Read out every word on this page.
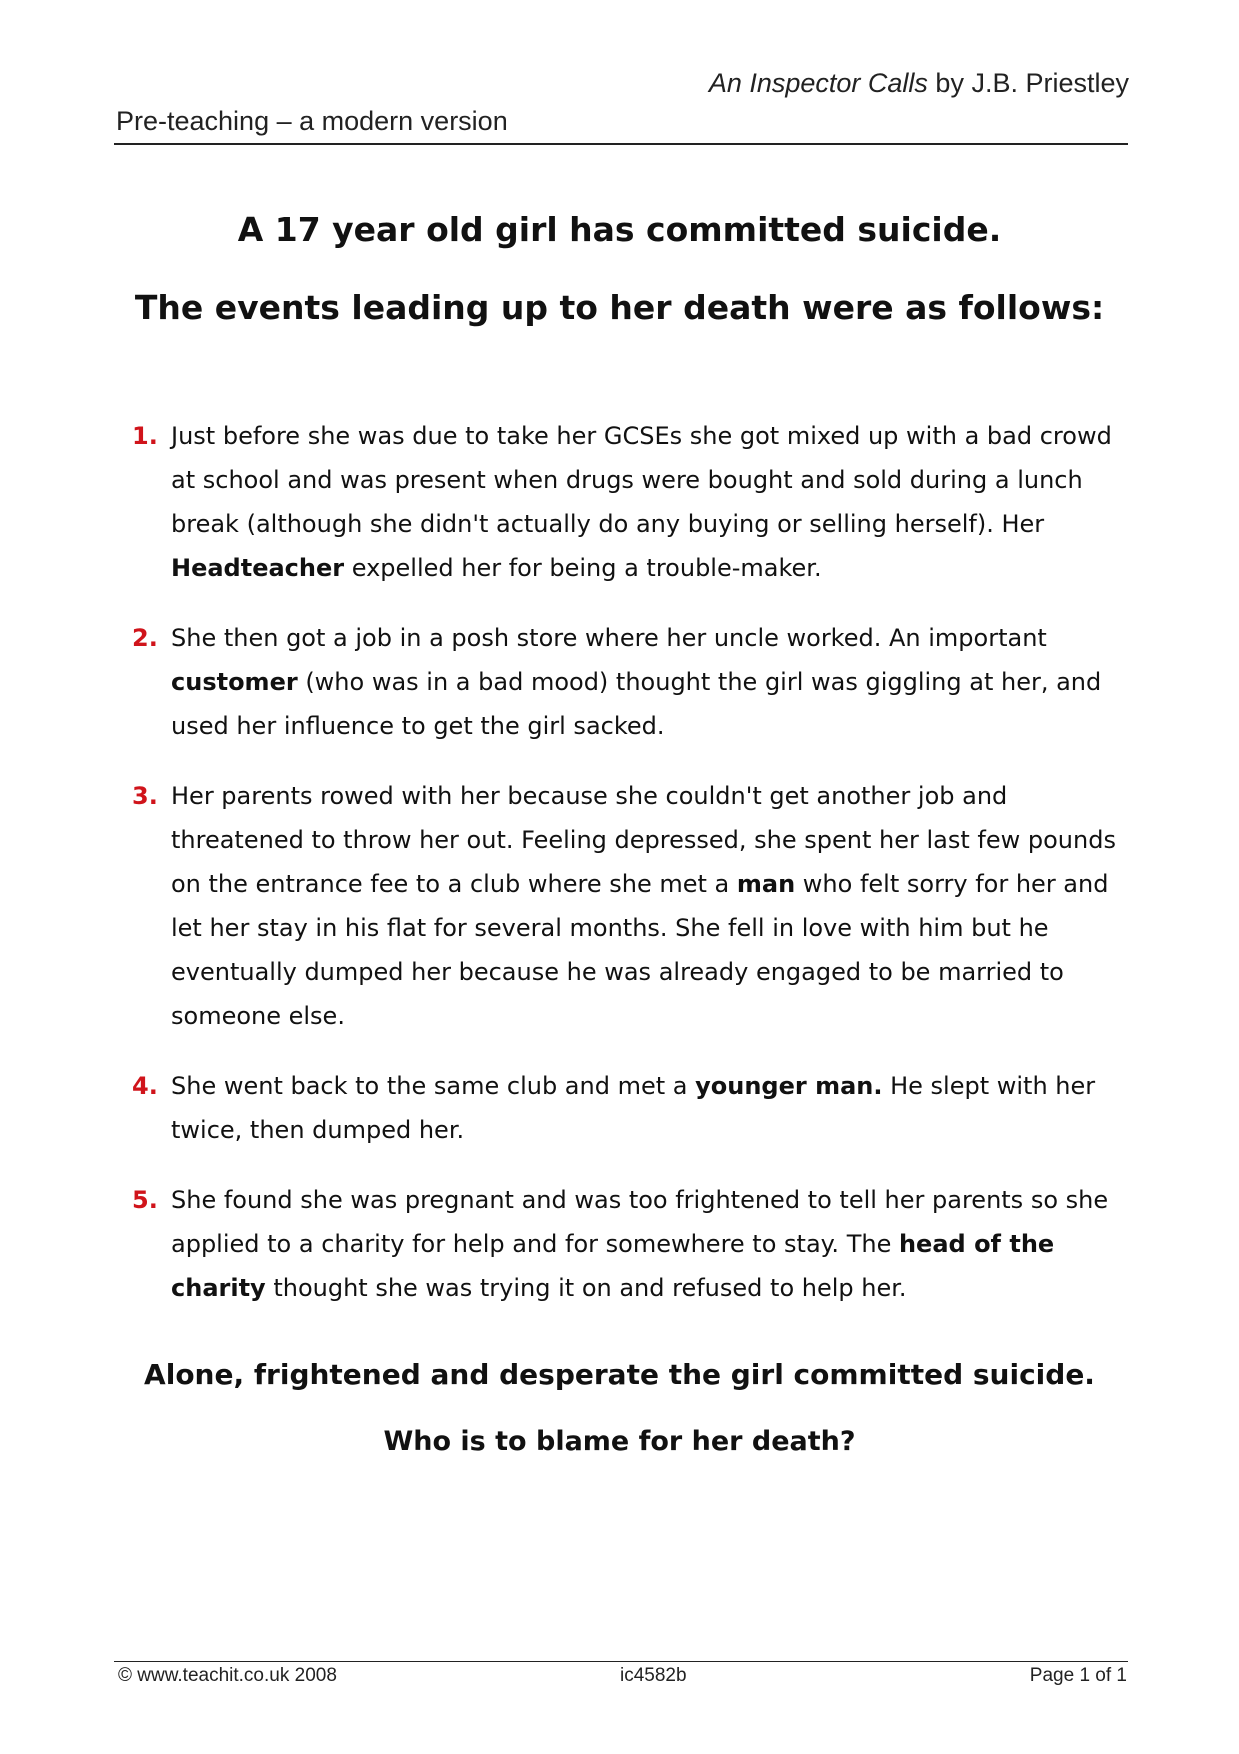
An Inspector Calls by J.B. Priestley
Pre-teaching – a modern version
A 17 year old girl has committed suicide.
The events leading up to her death were as follows:
1. Just before she was due to take her GCSEs she got mixed up with a bad crowd at school and was present when drugs were bought and sold during a lunch break (although she didn't actually do any buying or selling herself). Her Headteacher expelled her for being a trouble-maker.
2. She then got a job in a posh store where her uncle worked. An important customer (who was in a bad mood) thought the girl was giggling at her, and used her influence to get the girl sacked.
3. Her parents rowed with her because she couldn't get another job and threatened to throw her out. Feeling depressed, she spent her last few pounds on the entrance fee to a club where she met a man who felt sorry for her and let her stay in his flat for several months. She fell in love with him but he eventually dumped her because he was already engaged to be married to someone else.
4. She went back to the same club and met a younger man. He slept with her twice, then dumped her.
5. She found she was pregnant and was too frightened to tell her parents so she applied to a charity for help and for somewhere to stay. The head of the charity thought she was trying it on and refused to help her.
Alone, frightened and desperate the girl committed suicide.
Who is to blame for her death?
© www.teachit.co.uk 2008	ic4582b	Page 1 of 1
